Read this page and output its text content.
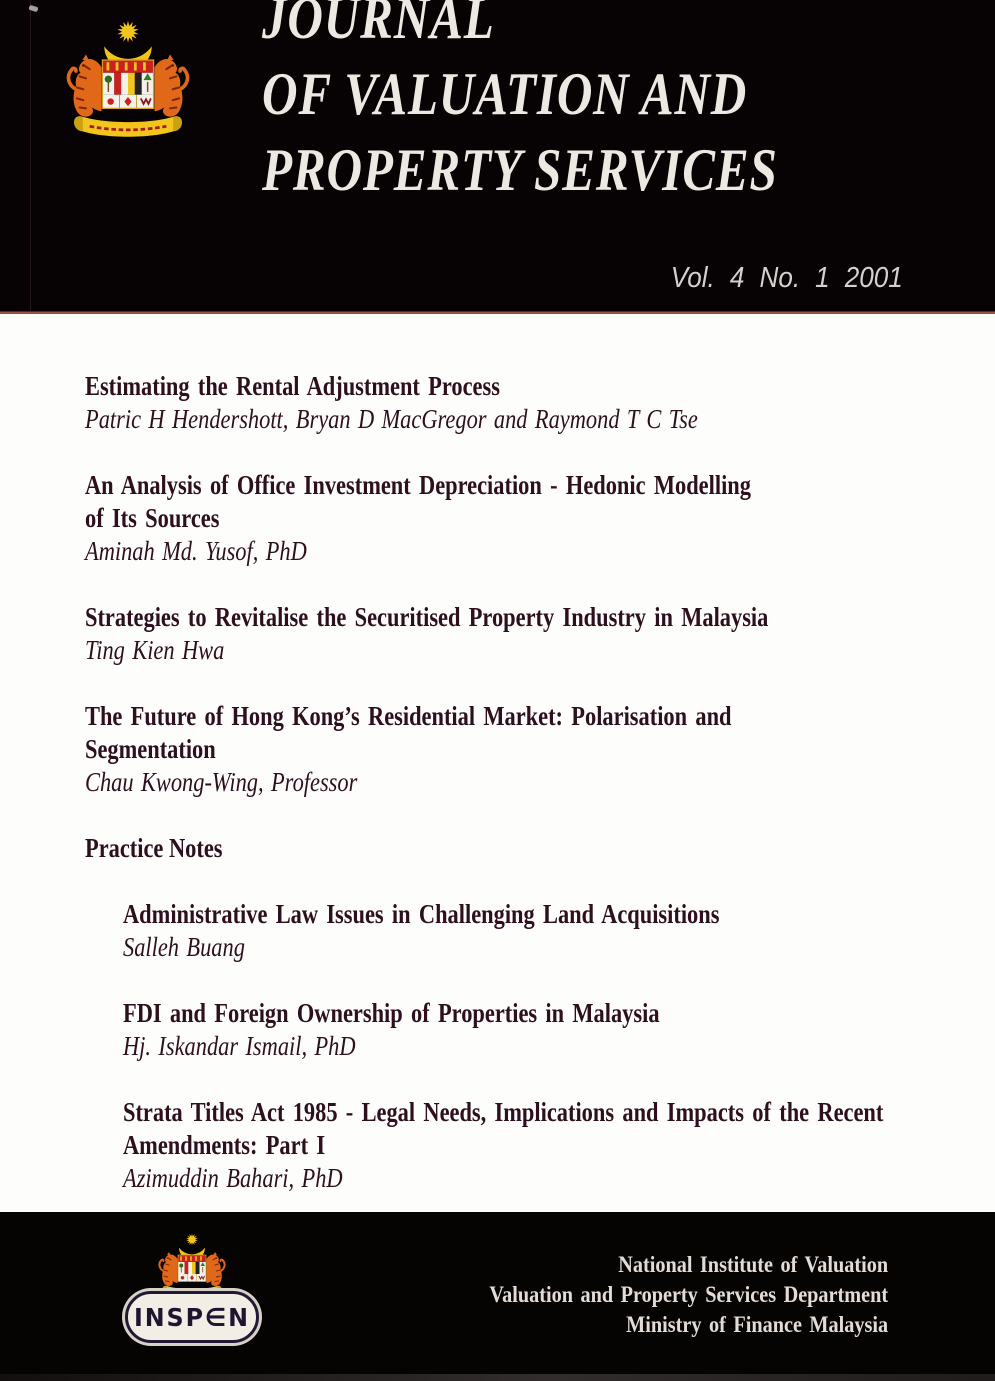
JOURNAL
OF VALUATION AND
PROPERTY SERVICES
Vol. 4 No. 1 2001
Estimating the Rental Adjustment Process
Patric H Hendershott, Bryan D MacGregor and Raymond T C Tse
An Analysis of Office Investment Depreciation - Hedonic Modelling
of Its Sources
Aminah Md. Yusof, PhD
Strategies to Revitalise the Securitised Property Industry in Malaysia
Ting Kien Hwa
The Future of Hong Kong’s Residential Market: Polarisation and
Segmentation
Chau Kwong-Wing, Professor
Practice Notes
Administrative Law Issues in Challenging Land Acquisitions
Salleh Buang
FDI and Foreign Ownership of Properties in Malaysia
Hj. Iskandar Ismail, PhD
Strata Titles Act 1985 - Legal Needs, Implications and Impacts of the Recent
Amendments: Part I
Azimuddin Bahari, PhD
INSP∈N
National Institute of Valuation
Valuation and Property Services Department
Ministry of Finance Malaysia
